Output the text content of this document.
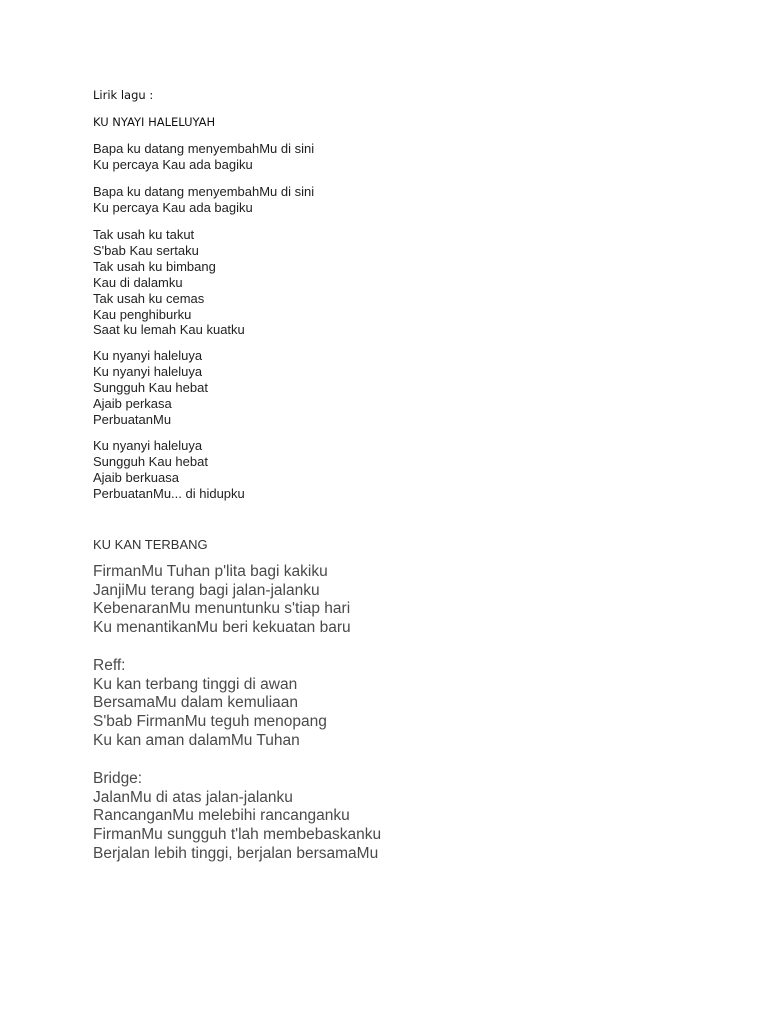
Lirik lagu :

KU NYAYI HALELUYAH

Bapa ku datang menyembahMu di sini
Ku percaya Kau ada bagiku
Bapa ku datang menyembahMu di sini
Ku percaya Kau ada bagiku
Tak usah ku takut
S'bab Kau sertaku
Tak usah ku bimbang
Kau di dalamku
Tak usah ku cemas
Kau penghiburku
Saat ku lemah Kau kuatku
Ku nyanyi haleluya
Ku nyanyi haleluya
Sungguh Kau hebat
Ajaib perkasa
PerbuatanMu
Ku nyanyi haleluya
Sungguh Kau hebat
Ajaib berkuasa
PerbuatanMu... di hidupku

KU KAN TERBANG

FirmanMu Tuhan p'lita bagi kakiku
JanjiMu terang bagi jalan-jalanku
KebenaranMu menuntunku s'tiap hari
Ku menantikanMu beri kekuatan baru
Reff:
Ku kan terbang tinggi di awan
BersamaMu dalam kemuliaan
S'bab FirmanMu teguh menopang
Ku kan aman dalamMu Tuhan
Bridge:
JalanMu di atas jalan-jalanku
RancanganMu melebihi rancanganku
FirmanMu sungguh t'lah membebaskanku
Berjalan lebih tinggi, berjalan bersamaMu
